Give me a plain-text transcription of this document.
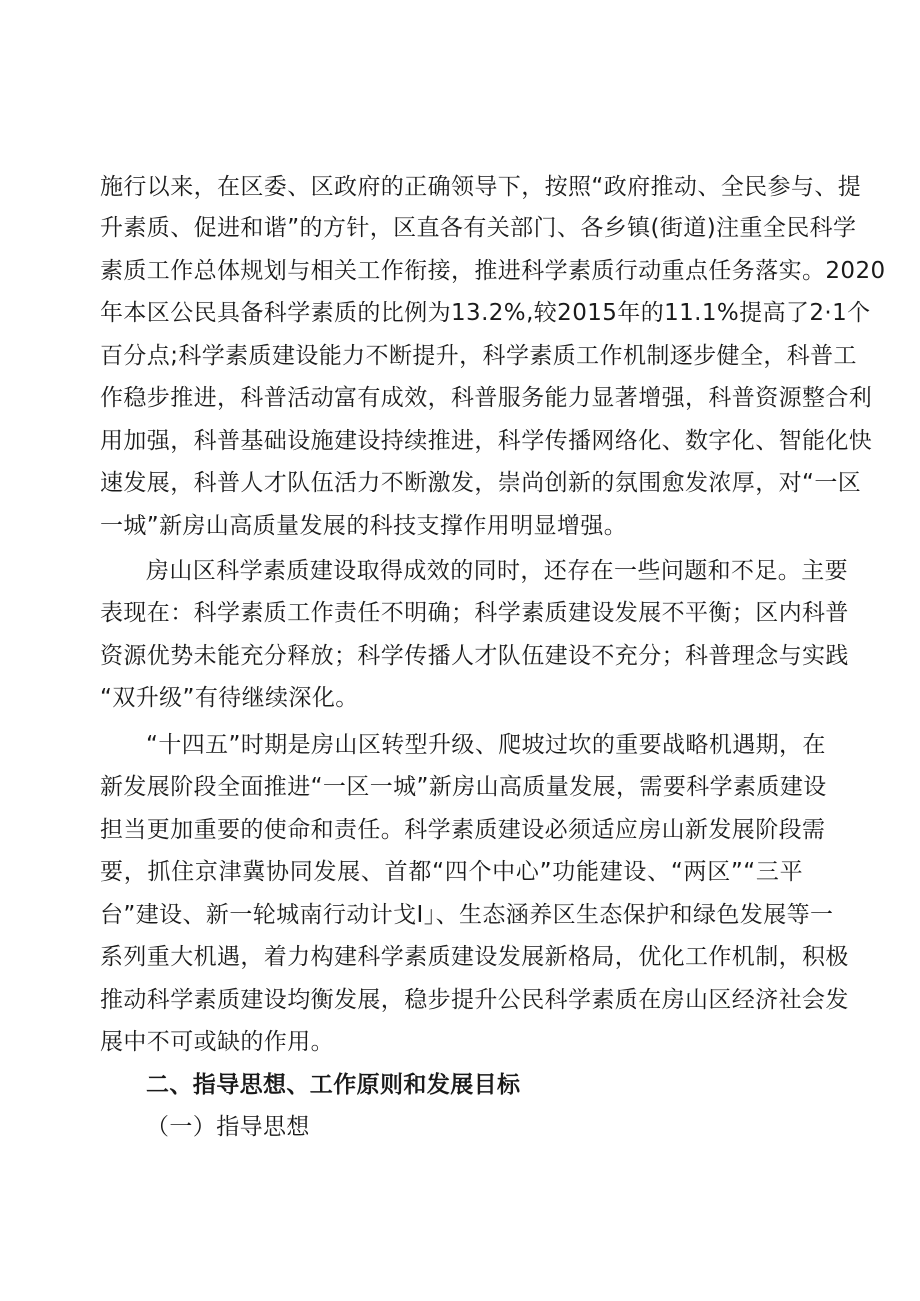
施行以来，在区委、区政府的正确领导下，按照“政府推动、全民参与、提
升素质、促进和谐”的方针，区直各有关部门、各乡镇(街道)注重全民科学
素质工作总体规划与相关工作衔接，推进科学素质行动重点任务落实。2020
年本区公民具备科学素质的比例为13.2%,较2015年的11.1%提高了2·1个
百分点;科学素质建设能力不断提升，科学素质工作机制逐步健全，科普工
作稳步推进，科普活动富有成效，科普服务能力显著增强，科普资源整合利
用加强，科普基础设施建设持续推进，科学传播网络化、数字化、智能化快
速发展，科普人才队伍活力不断激发，崇尚创新的氛围愈发浓厚，对“一区
一城”新房山高质量发展的科技支撑作用明显增强。
房山区科学素质建设取得成效的同时，还存在一些问题和不足。主要
表现在：科学素质工作责任不明确；科学素质建设发展不平衡；区内科普
资源优势未能充分释放；科学传播人才队伍建设不充分；科普理念与实践
“双升级”有待继续深化。
“十四五”时期是房山区转型升级、爬坡过坎的重要战略机遇期，在
新发展阶段全面推进“一区一城”新房山高质量发展，需要科学素质建设
担当更加重要的使命和责任。科学素质建设必须适应房山新发展阶段需
要，抓住京津冀协同发展、首都“四个中心”功能建设、“两区”“三平
台”建设、新一轮城南行动计戈I」、生态涵养区生态保护和绿色发展等一
系列重大机遇，着力构建科学素质建设发展新格局，优化工作机制，积极
推动科学素质建设均衡发展，稳步提升公民科学素质在房山区经济社会发
展中不可或缺的作用。
二、指导思想、工作原则和发展目标
（一）指导思想
